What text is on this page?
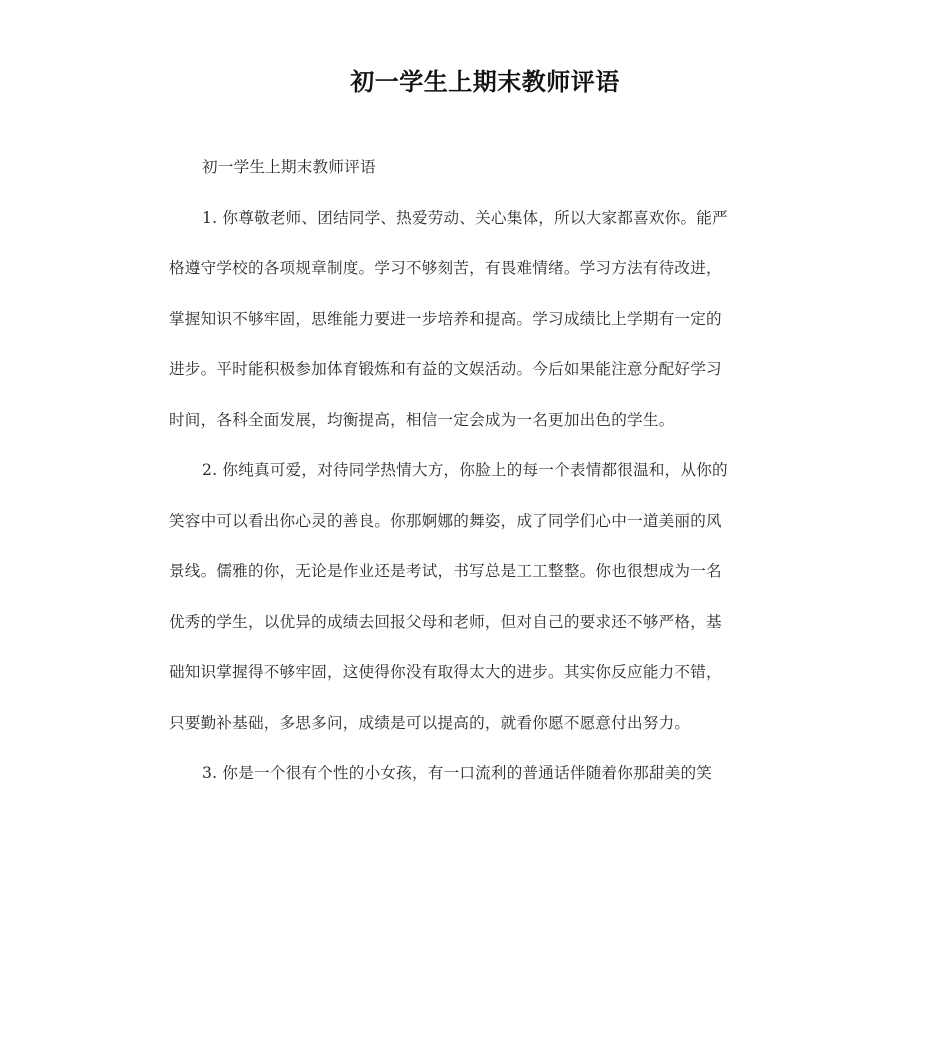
初一学生上期末教师评语

初一学生上期末教师评语

1. 你尊敬老师、团结同学、热爱劳动、关心集体，所以大家都喜欢你。能严

格遵守学校的各项规章制度。学习不够刻苦，有畏难情绪。学习方法有待改进，

掌握知识不够牢固，思维能力要进一步培养和提高。学习成绩比上学期有一定的

进步。平时能积极参加体育锻炼和有益的文娱活动。今后如果能注意分配好学习

时间，各科全面发展，均衡提高，相信一定会成为一名更加出色的学生。

2. 你纯真可爱，对待同学热情大方，你脸上的每一个表情都很温和，从你的

笑容中可以看出你心灵的善良。你那婀娜的舞姿，成了同学们心中一道美丽的风

景线。儒雅的你，无论是作业还是考试，书写总是工工整整。你也很想成为一名

优秀的学生，以优异的成绩去回报父母和老师，但对自己的要求还不够严格，基

础知识掌握得不够牢固，这使得你没有取得太大的进步。其实你反应能力不错，

只要勤补基础，多思多问，成绩是可以提高的，就看你愿不愿意付出努力。

3. 你是一个很有个性的小女孩，有一口流利的普通话伴随着你那甜美的笑
